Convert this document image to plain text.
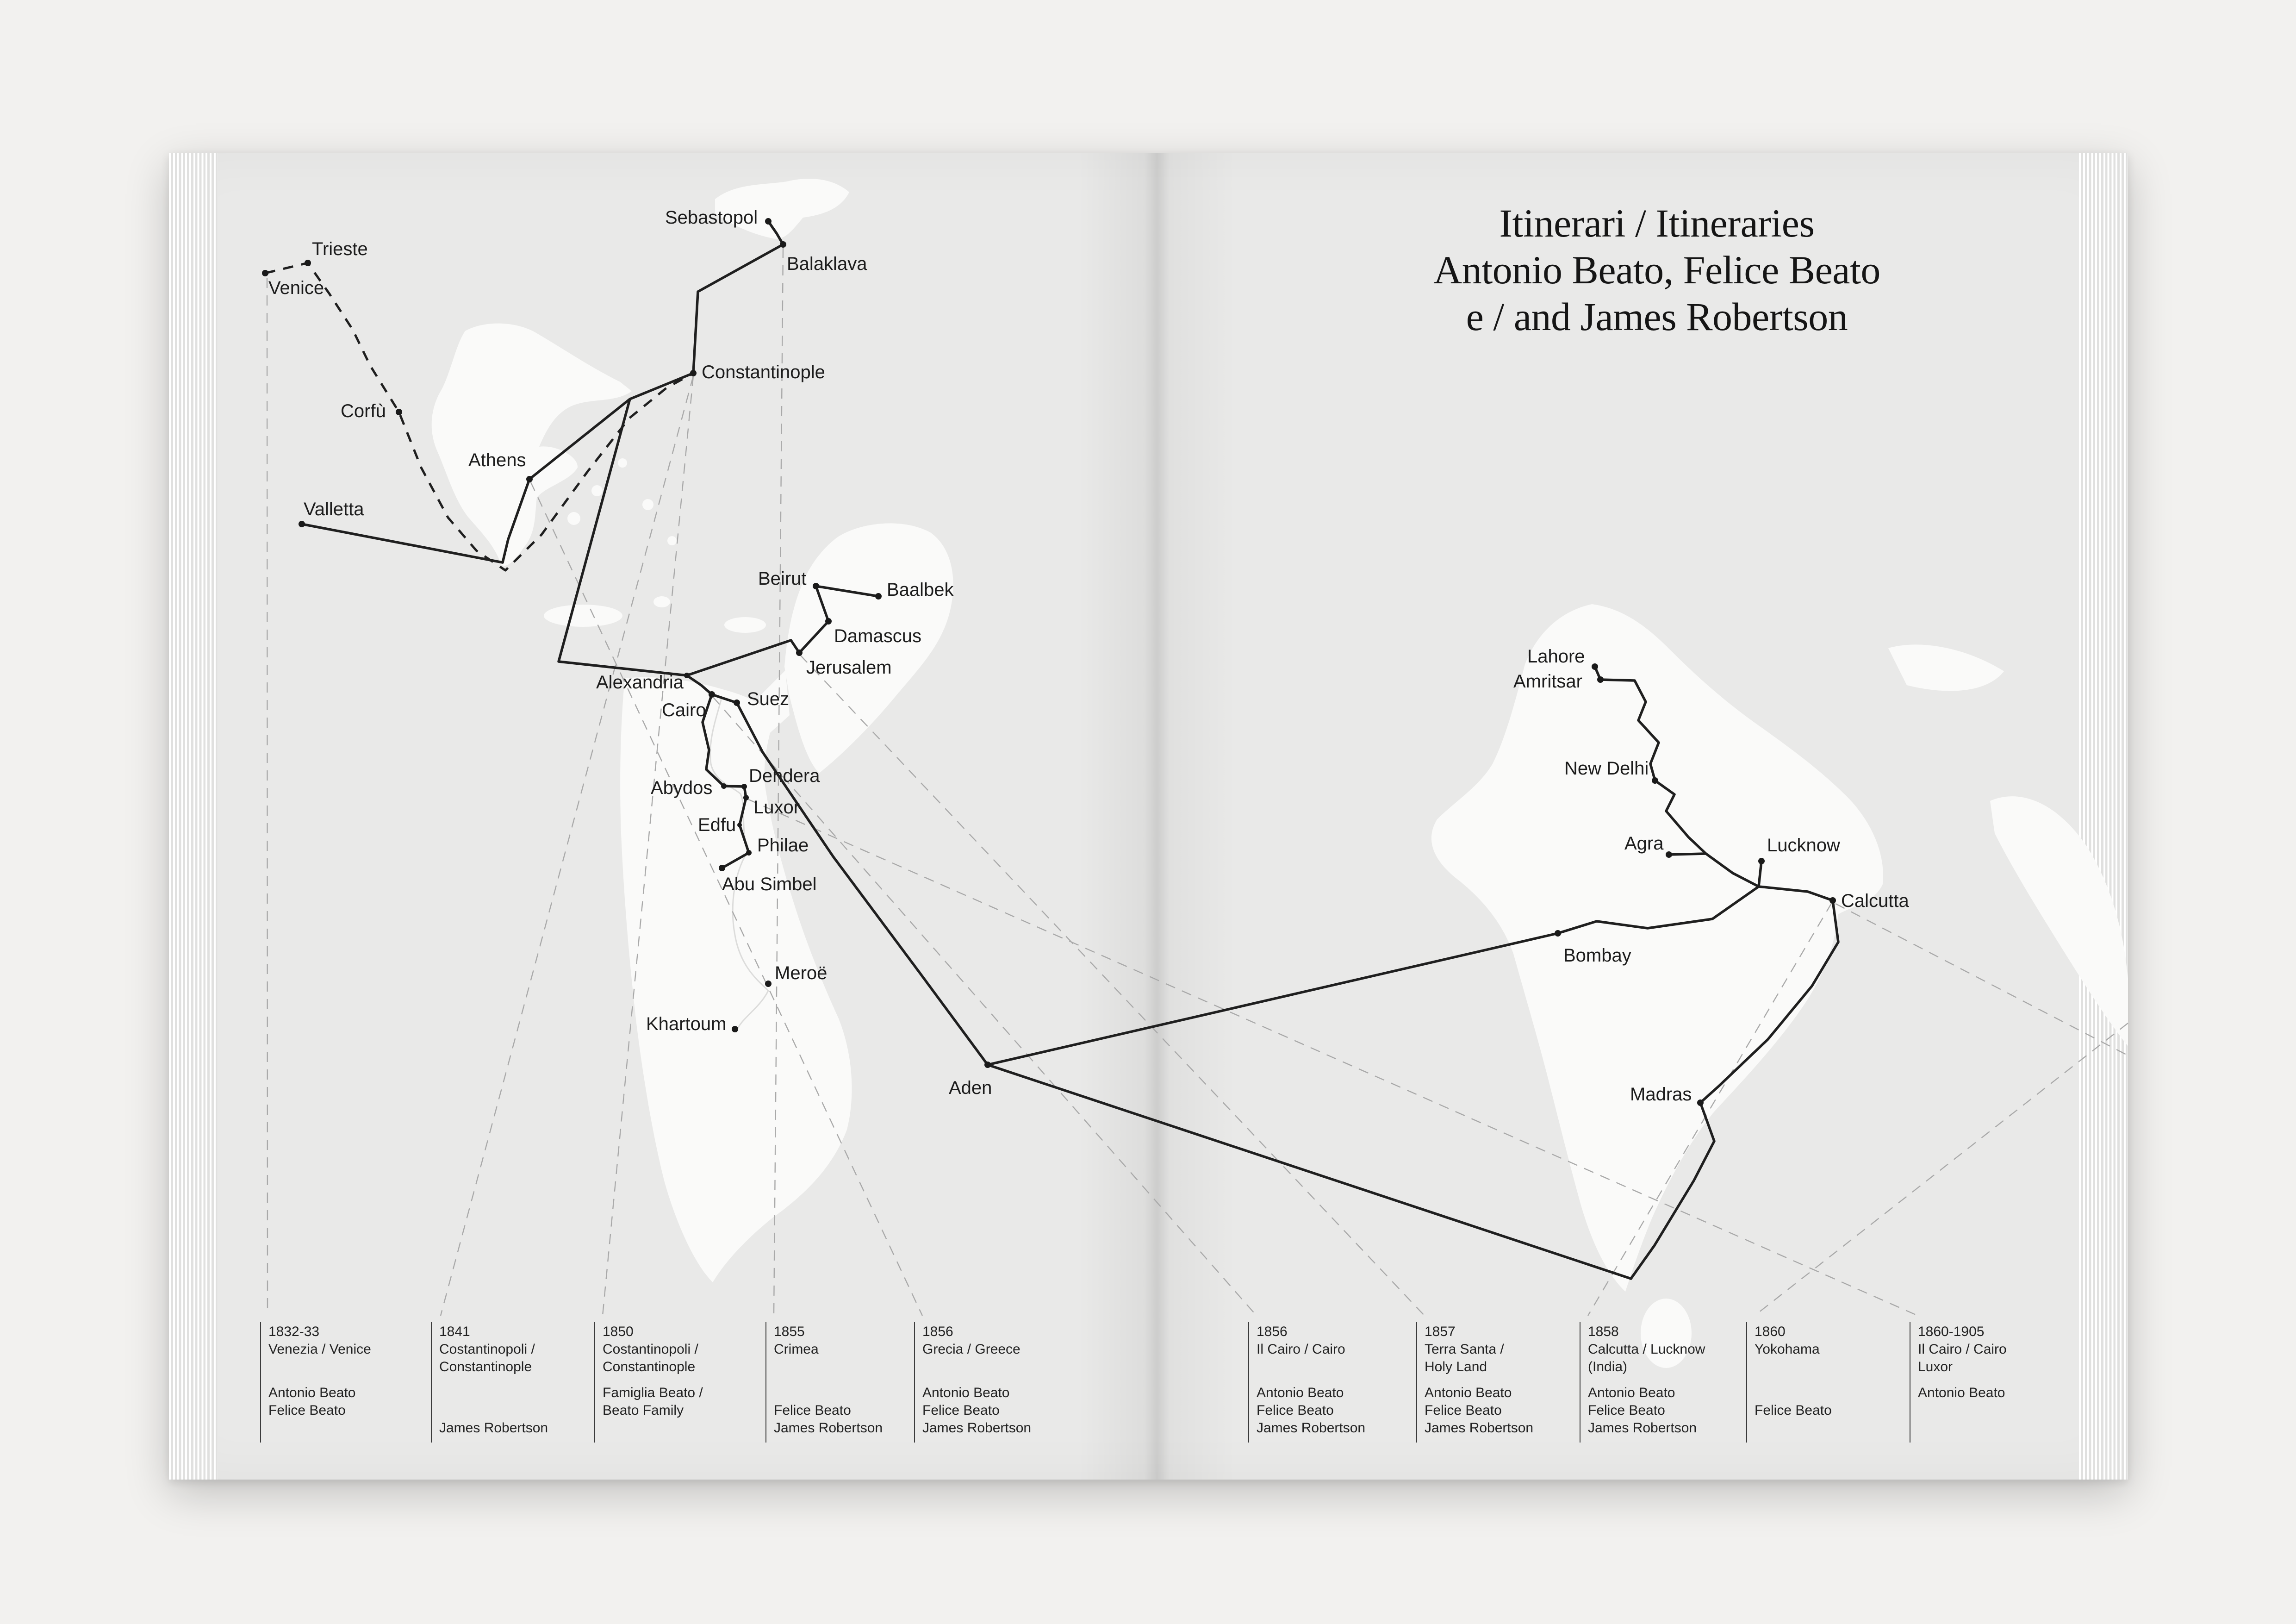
Itinerari / Itineraries
Antonio Beato, Felice Beato
e / and James Robertson
Trieste
Venice
Corfù
Valletta
Athens
Sebastopol
Balaklava
Constantinople
Beirut
Baalbek
Damascus
Jerusalem
Alexandria
Cairo
Suez
Dendera
Abydos
Luxor
Edfu
Philae
Abu Simbel
Meroë
Khartoum
Aden
Lahore
Amritsar
New Delhi
Agra	Lucknow
Calcutta
Bombay
Madras
1832-33
Venezia / Venice
Antonio Beato
Felice Beato
1841
Costantinopoli /
Constantinople
James Robertson
1850
Costantinopoli /
Constantinople
Famiglia Beato /
Beato Family
1855
Crimea
Felice Beato
James Robertson
1856
Grecia / Greece
Antonio Beato
Felice Beato
James Robertson
1856
Il Cairo / Cairo
Antonio Beato
Felice Beato
James Robertson
1857
Terra Santa /
Holy Land
Antonio Beato
Felice Beato
James Robertson
1858
Calcutta / Lucknow
(India)
Antonio Beato
Felice Beato
James Robertson
1860
Yokohama
Felice Beato
1860-1905
Il Cairo / Cairo
Luxor
Antonio Beato
